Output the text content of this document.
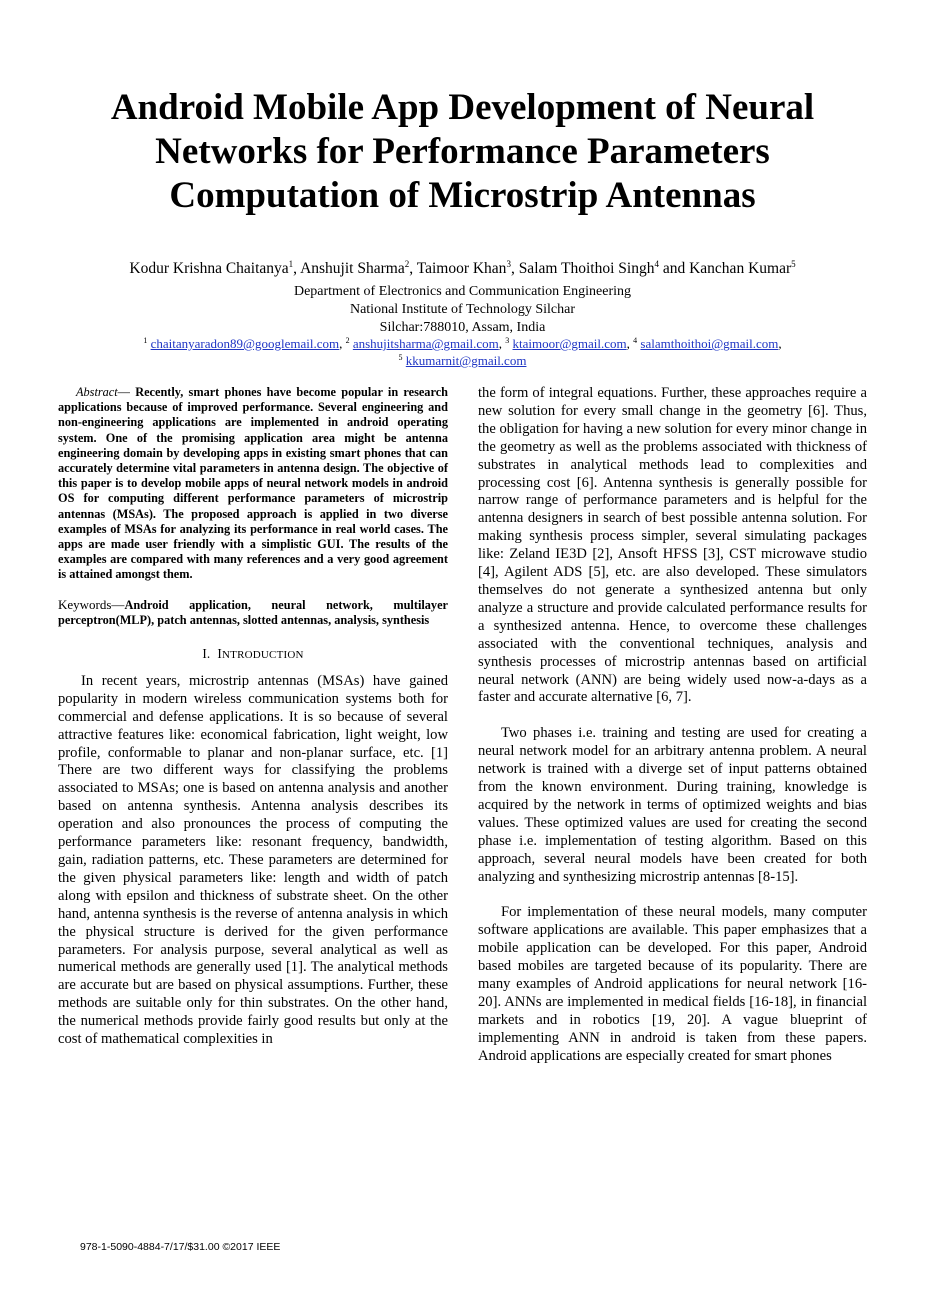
Android Mobile App Development of Neural
Networks for Performance Parameters
Computation of Microstrip Antennas
Kodur Krishna Chaitanya$^1$, Anshujit Sharma$^2$, Taimoor Khan$^3$, Salam Thoithoi Singh$^4$ and Kanchan Kumar$^5$
Department of Electronics and Communication Engineering
National Institute of Technology Silchar
Silchar:788010, Assam, India
$^1$ chaitanyaradon89@googlemail.com, $^2$ anshujitsharma@gmail.com, $^3$ ktaimoor@gmail.com, $^4$ salamthoithoi@gmail.com,
$^5$ kkumarnit@gmail.com

Abstract— Recently, smart phones have become popular in research applications because of improved performance. Several engineering and non-engineering applications are implemented in android operating system. One of the promising application area might be antenna engineering domain by developing apps in existing smart phones that can accurately determine vital parameters in antenna design. The objective of this paper is to develop mobile apps of neural network models in android OS for computing different performance parameters of microstrip antennas (MSAs). The proposed approach is applied in two diverse examples of MSAs for analyzing its performance in real world cases. The apps are made user friendly with a simplistic GUI. The results of the examples are compared with many references and a very good agreement is attained amongst them.

Keywords—Android application, neural network, multilayer perceptron(MLP), patch antennas, slotted antennas, analysis, synthesis

I. INTRODUCTION

In recent years, microstrip antennas (MSAs) have gained popularity in modern wireless communication systems both for commercial and defense applications. It is so because of several attractive features like: economical fabrication, light weight, low profile, conformable to planar and non-planar surface, etc. [1] There are two different ways for classifying the problems associated to MSAs; one is based on antenna analysis and another based on antenna synthesis. Antenna analysis describes its operation and also pronounces the process of computing the performance parameters like: resonant frequency, bandwidth, gain, radiation patterns, etc. These parameters are determined for the given physical parameters like: length and width of patch along with epsilon and thickness of substrate sheet. On the other hand, antenna synthesis is the reverse of antenna analysis in which the physical structure is derived for the given performance parameters. For analysis purpose, several analytical as well as numerical methods are generally used [1]. The analytical methods are accurate but are based on physical assumptions. Further, these methods are suitable only for thin substrates. On the other hand, the numerical methods provide fairly good results but only at the cost of mathematical complexities in

the form of integral equations. Further, these approaches require a new solution for every small change in the geometry [6]. Thus, the obligation for having a new solution for every minor change in the geometry as well as the problems associated with thickness of substrates in analytical methods lead to complexities and processing cost [6]. Antenna synthesis is generally possible for narrow range of performance parameters and is helpful for the antenna designers in search of best possible antenna solution. For making synthesis process simpler, several simulating packages like: Zeland IE3D [2], Ansoft HFSS [3], CST microwave studio [4], Agilent ADS [5], etc. are also developed. These simulators themselves do not generate a synthesized antenna but only analyze a structure and provide calculated performance results for a synthesized antenna. Hence, to overcome these challenges associated with the conventional techniques, analysis and synthesis processes of microstrip antennas based on artificial neural network (ANN) are being widely used now-a-days as a faster and accurate alternative [6, 7].

Two phases i.e. training and testing are used for creating a neural network model for an arbitrary antenna problem. A neural network is trained with a diverge set of input patterns obtained from the known environment. During training, knowledge is acquired by the network in terms of optimized weights and bias values. These optimized values are used for creating the second phase i.e. implementation of testing algorithm. Based on this approach, several neural models have been created for both analyzing and synthesizing microstrip antennas [8-15].

For implementation of these neural models, many computer software applications are available. This paper emphasizes that a mobile application can be developed. For this paper, Android based mobiles are targeted because of its popularity. There are many examples of Android applications for neural network [16-20]. ANNs are implemented in medical fields [16-18], in financial markets and in robotics [19, 20]. A vague blueprint of implementing ANN in android is taken from these papers. Android applications are especially created for smart phones

978-1-5090-4884-7/17/$31.00 ©2017 IEEE
